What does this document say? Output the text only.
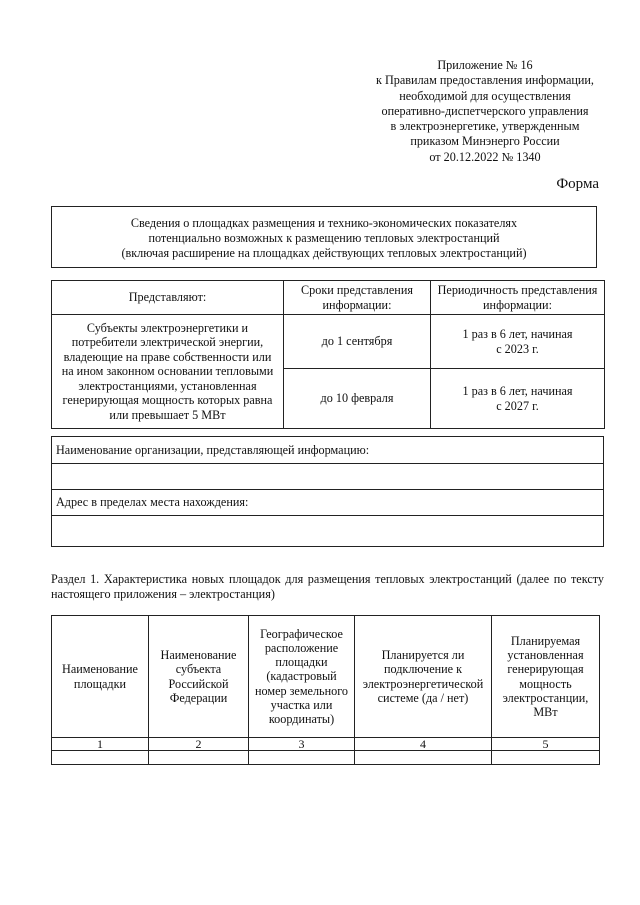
Приложение № 16
к Правилам предоставления информации,
необходимой для осуществления
оперативно-диспетчерского управления
в электроэнергетике, утвержденным
приказом Минэнерго России
от 20.12.2022 № 1340
Форма
Сведения о площадках размещения и технико-экономических показателях
потенциально возможных к размещению тепловых электростанций
(включая расширение на площадках действующих тепловых электростанций)
Представляют:	Сроки представления информации:	Периодичность представления информации:
Субъекты электроэнергетики и потребители электрической энергии, владеющие на праве собственности или на ином законном основании тепловыми электростанциями, установленная генерирующая мощность которых равна или превышает 5 МВт	до 1 сентября	1 раз в 6 лет, начиная с 2023 г.
	до 10 февраля	1 раз в 6 лет, начиная с 2027 г.
Наименование организации, представляющей информацию:

Адрес в пределах места нахождения:

Раздел 1. Характеристика новых площадок для размещения тепловых электростанций (далее по тексту настоящего приложения – электростанция)
Наименование площадки	Наименование субъекта Российской Федерации	Географическое расположение площадки (кадастровый номер земельного участка или координаты)	Планируется ли подключение к электроэнергетической системе (да / нет)	Планируемая установленная генерирующая мощность электростанции, МВт
1	2	3	4	5
